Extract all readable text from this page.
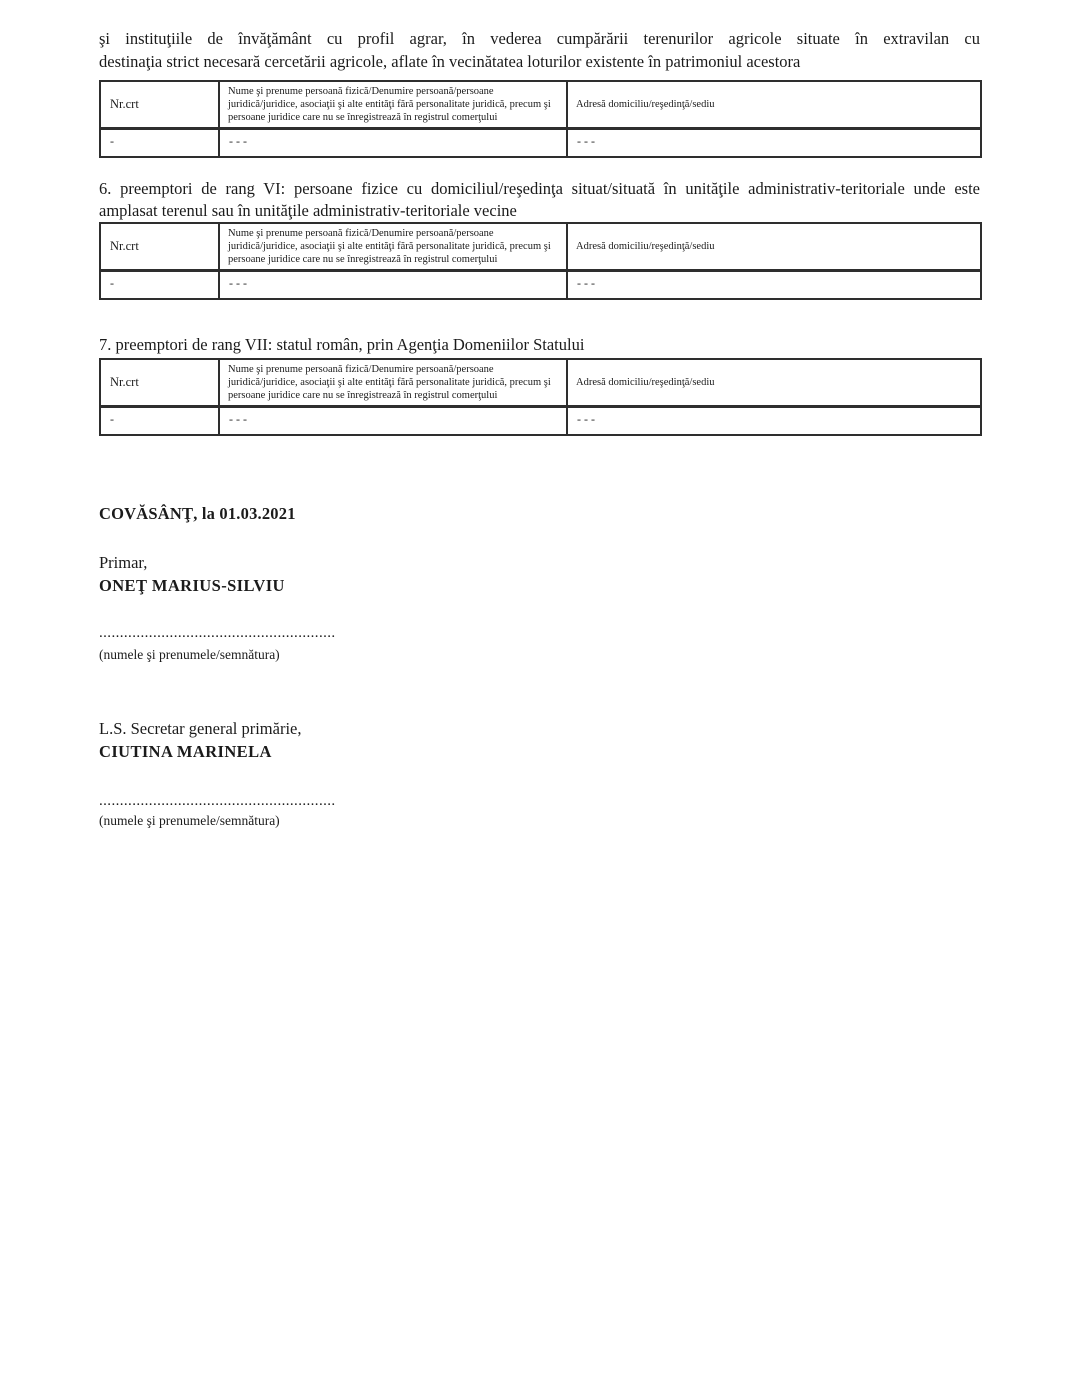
şi instituţiile de învăţământ cu profil agrar, în vederea cumpărării terenurilor agricole situate în extravilan cu
destinaţia strict necesară cercetării agricole, aflate în vecinătatea loturilor existente în patrimoniul acestora
Nr.crt	Nume şi prenume persoană fizică/Denumire persoană/persoane juridică/juridice, asociaţii şi alte entităţi fără personalitate juridică, precum şi persoane juridice care nu se înregistrează în registrul comerţului	Adresă domiciliu/reşedinţă/sediu
-	- - -	- - -
6. preemptori de rang VI: persoane fizice cu domiciliul/reşedinţa situat/situată în unităţile administrativ-teritoriale unde este
amplasat terenul sau în unităţile administrativ-teritoriale vecine
Nr.crt	Nume şi prenume persoană fizică/Denumire persoană/persoane juridică/juridice, asociaţii şi alte entităţi fără personalitate juridică, precum şi persoane juridice care nu se înregistrează în registrul comerţului	Adresă domiciliu/reşedinţă/sediu
-	- - -	- - -
7. preemptori de rang VII: statul român, prin Agenţia Domeniilor Statului
Nr.crt	Nume şi prenume persoană fizică/Denumire persoană/persoane juridică/juridice, asociaţii şi alte entităţi fără personalitate juridică, precum şi persoane juridice care nu se înregistrează în registrul comerţului	Adresă domiciliu/reşedinţă/sediu
-	- - -	- - -
COVĂSÂNŢ, la 01.03.2021
Primar,
ONEŢ MARIUS-SILVIU
.........................................................
(numele şi prenumele/semnătura)
L.S. Secretar general primărie,
CIUTINA MARINELA
.........................................................
(numele şi prenumele/semnătura)
